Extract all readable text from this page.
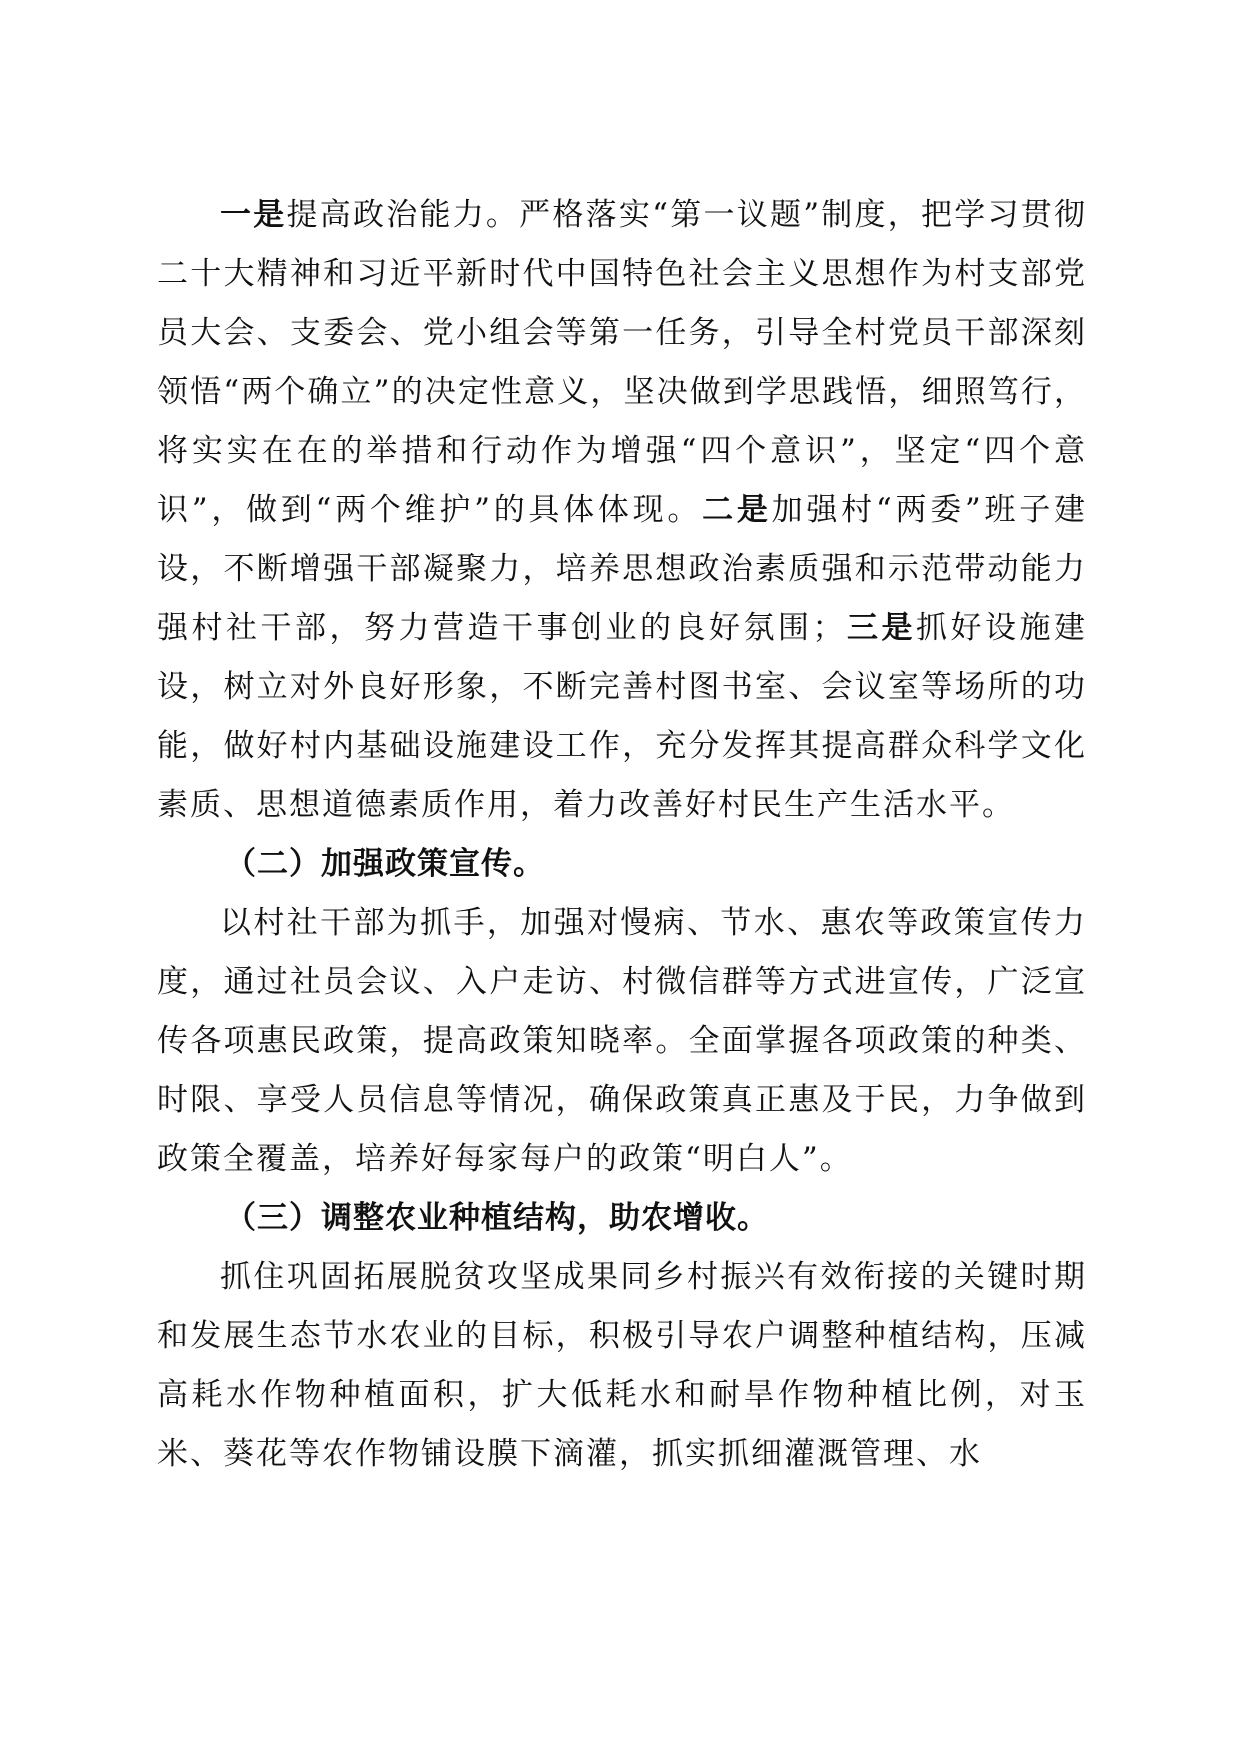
一是提高政治能力。严格落实“第一议题”制度，把学习贯彻二十大精神和习近平新时代中国特色社会主义思想作为村支部党员大会、支委会、党小组会等第一任务，引导全村党员干部深刻领悟“两个确立”的决定性意义，坚决做到学思践悟，细照笃行，将实实在在的举措和行动作为增强“四个意识”，坚定“四个意识”，做到“两个维护”的具体体现。二是加强村“两委”班子建设，不断增强干部凝聚力，培养思想政治素质强和示范带动能力强村社干部，努力营造干事创业的良好氛围；三是抓好设施建设，树立对外良好形象，不断完善村图书室、会议室等场所的功能，做好村内基础设施建设工作，充分发挥其提高群众科学文化素质、思想道德素质作用，着力改善好村民生产生活水平。

（二）加强政策宣传。

以村社干部为抓手，加强对慢病、节水、惠农等政策宣传力度，通过社员会议、入户走访、村微信群等方式进宣传，广泛宣传各项惠民政策，提高政策知晓率。全面掌握各项政策的种类、时限、享受人员信息等情况，确保政策真正惠及于民，力争做到政策全覆盖，培养好每家每户的政策“明白人”。

（三）调整农业种植结构，助农增收。

抓住巩固拓展脱贫攻坚成果同乡村振兴有效衔接的关键时期和发展生态节水农业的目标，积极引导农户调整种植结构，压减高耗水作物种植面积，扩大低耗水和耐旱作物种植比例，对玉米、葵花等农作物铺设膜下滴灌，抓实抓细灌溉管理、水
